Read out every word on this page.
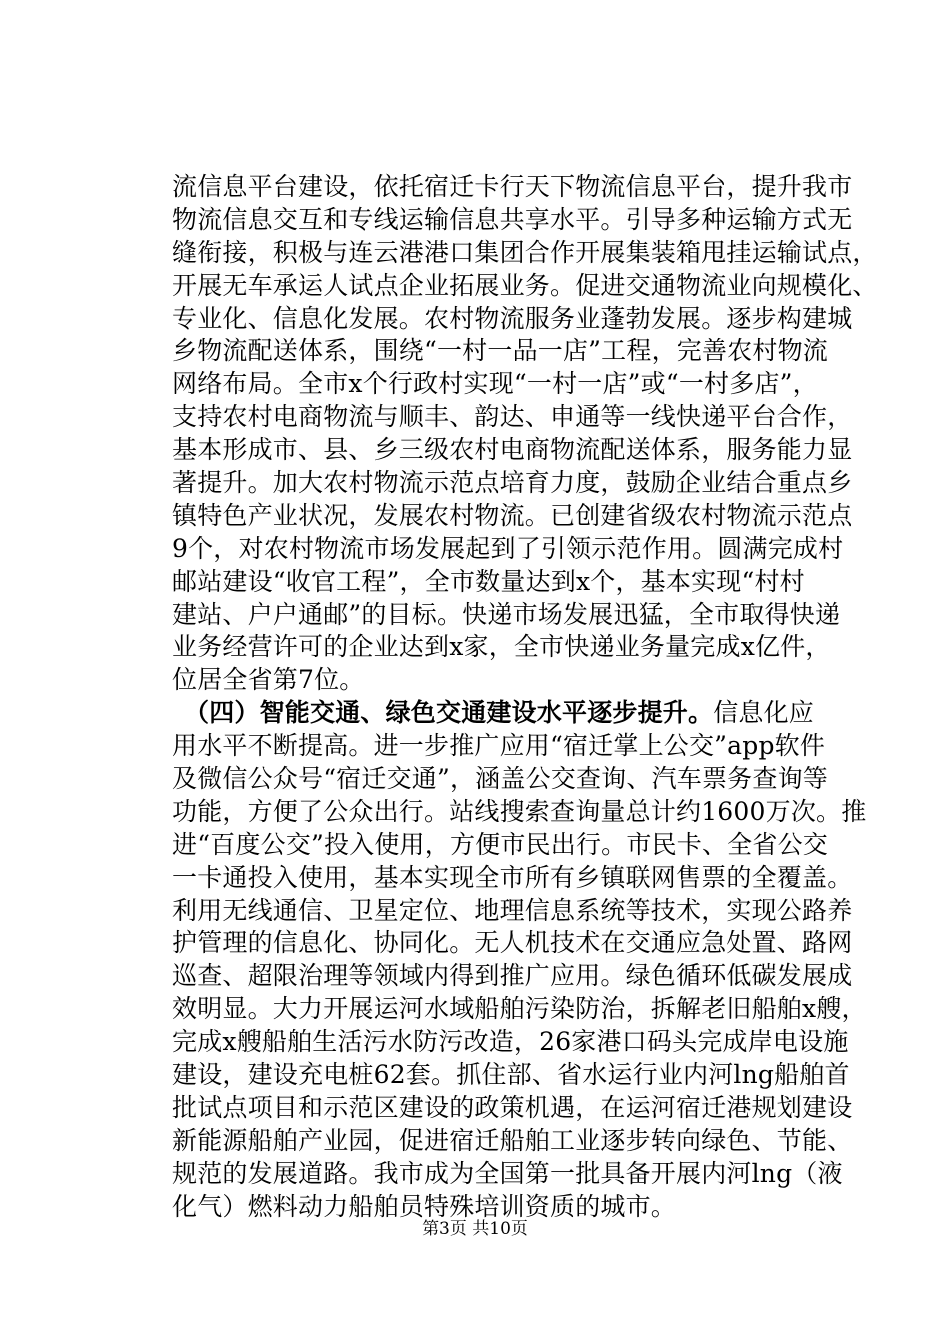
流信息平台建设，依托宿迁卡行天下物流信息平台，提升我市
物流信息交互和专线运输信息共享水平。引导多种运输方式无
缝衔接，积极与连云港港口集团合作开展集装箱甩挂运输试点，
开展无车承运人试点企业拓展业务。促进交通物流业向规模化、
专业化、信息化发展。农村物流服务业蓬勃发展。逐步构建城
乡物流配送体系，围绕“一村一品一店”工程，完善农村物流
网络布局。全市x个行政村实现“一村一店”或“一村多店”，
支持农村电商物流与顺丰、韵达、申通等一线快递平台合作，
基本形成市、县、乡三级农村电商物流配送体系，服务能力显
著提升。加大农村物流示范点培育力度，鼓励企业结合重点乡
镇特色产业状况，发展农村物流。已创建省级农村物流示范点
9个，对农村物流市场发展起到了引领示范作用。圆满完成村
邮站建设“收官工程”，全市数量达到x个，基本实现“村村
建站、户户通邮”的目标。快递市场发展迅猛，全市取得快递
业务经营许可的企业达到x家，全市快递业务量完成x亿件，
位居全省第7位。
（四）智能交通、绿色交通建设水平逐步提升。信息化应
用水平不断提高。进一步推广应用“宿迁掌上公交”app软件
及微信公众号“宿迁交通”，涵盖公交查询、汽车票务查询等
功能，方便了公众出行。站线搜索查询量总计约1600万次。推
进“百度公交”投入使用，方便市民出行。市民卡、全省公交
一卡通投入使用，基本实现全市所有乡镇联网售票的全覆盖。
利用无线通信、卫星定位、地理信息系统等技术，实现公路养
护管理的信息化、协同化。无人机技术在交通应急处置、路网
巡查、超限治理等领域内得到推广应用。绿色循环低碳发展成
效明显。大力开展运河水域船舶污染防治，拆解老旧船舶x艘，
完成x艘船舶生活污水防污改造，26家港口码头完成岸电设施
建设，建设充电桩62套。抓住部、省水运行业内河lng船舶首
批试点项目和示范区建设的政策机遇，在运河宿迁港规划建设
新能源船舶产业园，促进宿迁船舶工业逐步转向绿色、节能、
规范的发展道路。我市成为全国第一批具备开展内河lng（液
化气）燃料动力船舶员特殊培训资质的城市。
第3页 共10页
